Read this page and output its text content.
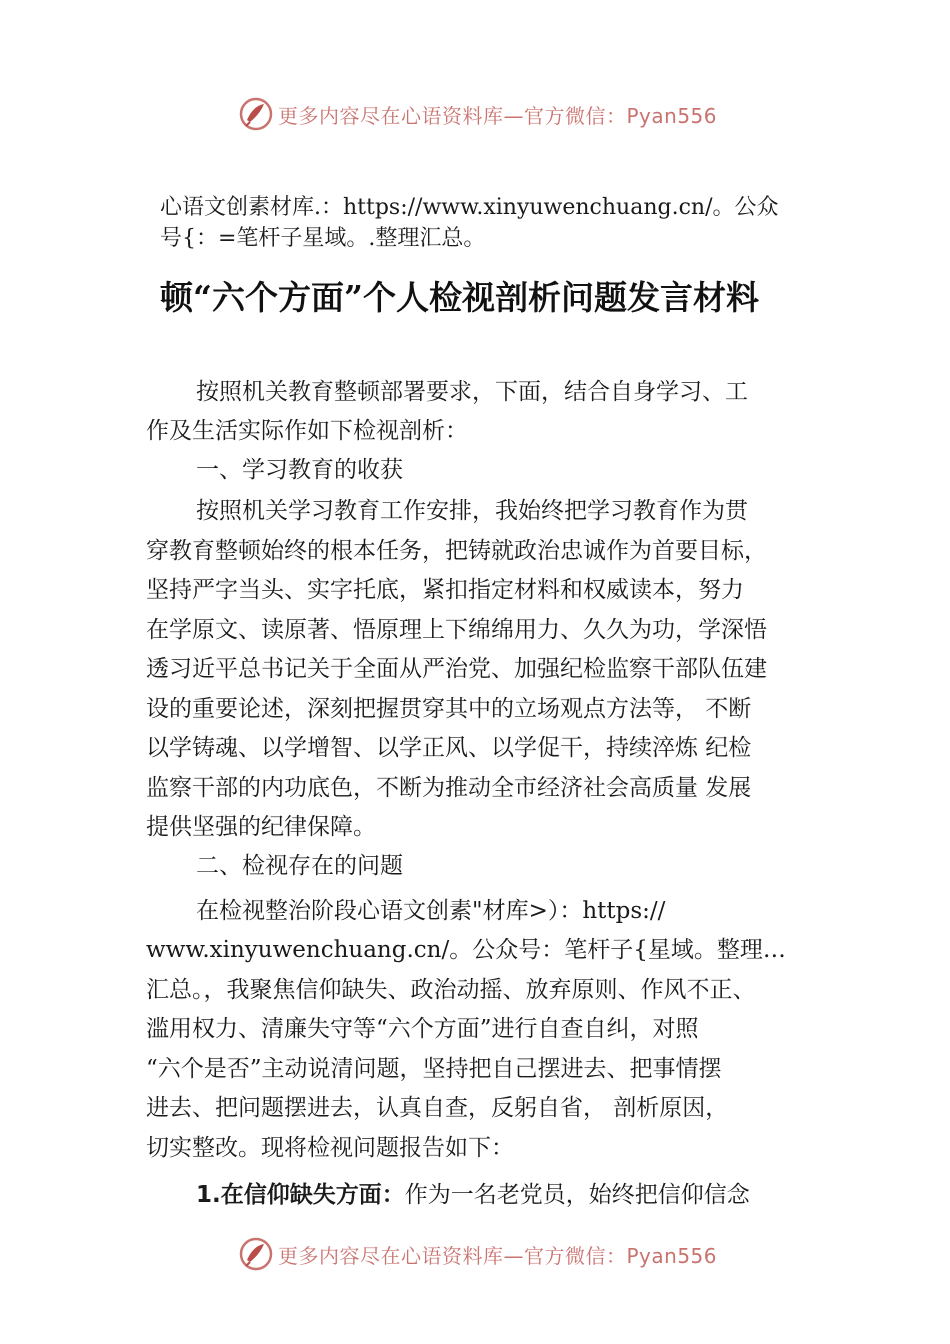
更多内容尽在心语资料库—官方微信：Pyan556
心语文创素材库.：https://www.xinyuwenchuang.cn/。公众
号{：=笔杆子星域。.整理汇总。
顿“六个方面”个人检视剖析问题发言材料
按照机关教育整顿部署要求，下面，结合自身学习、工
作及生活实际作如下检视剖析：
一、学习教育的收获
按照机关学习教育工作安排，我始终把学习教育作为贯
穿教育整顿始终的根本任务，把铸就政治忠诚作为首要目标，
坚持严字当头、实字托底，紧扣指定材料和权威读本，努力
在学原文、读原著、悟原理上下绵绵用力、久久为功，学深悟
透习近平总书记关于全面从严治党、加强纪检监察干部队伍建
设的重要论述，深刻把握贯穿其中的立场观点方法等， 不断
以学铸魂、以学增智、以学正风、以学促干，持续淬炼 纪检
监察干部的内功底色，不断为推动全市经济社会高质量 发展
提供坚强的纪律保障。
二、检视存在的问题
在检视整治阶段心语文创素"材库>）：https://
www.xinyuwenchuang.cn/。公众号：笔杆子{星域。整理…
汇总。，我聚焦信仰缺失、政治动摇、放弃原则、作风不正、
滥用权力、清廉失守等“六个方面”进行自查自纠，对照
“六个是否”主动说清问题，坚持把自己摆进去、把事情摆
进去、把问题摆进去，认真自查，反躬自省， 剖析原因，
切实整改。现将检视问题报告如下：
1.在信仰缺失方面：作为一名老党员，始终把信仰信念
更多内容尽在心语资料库—官方微信：Pyan556
